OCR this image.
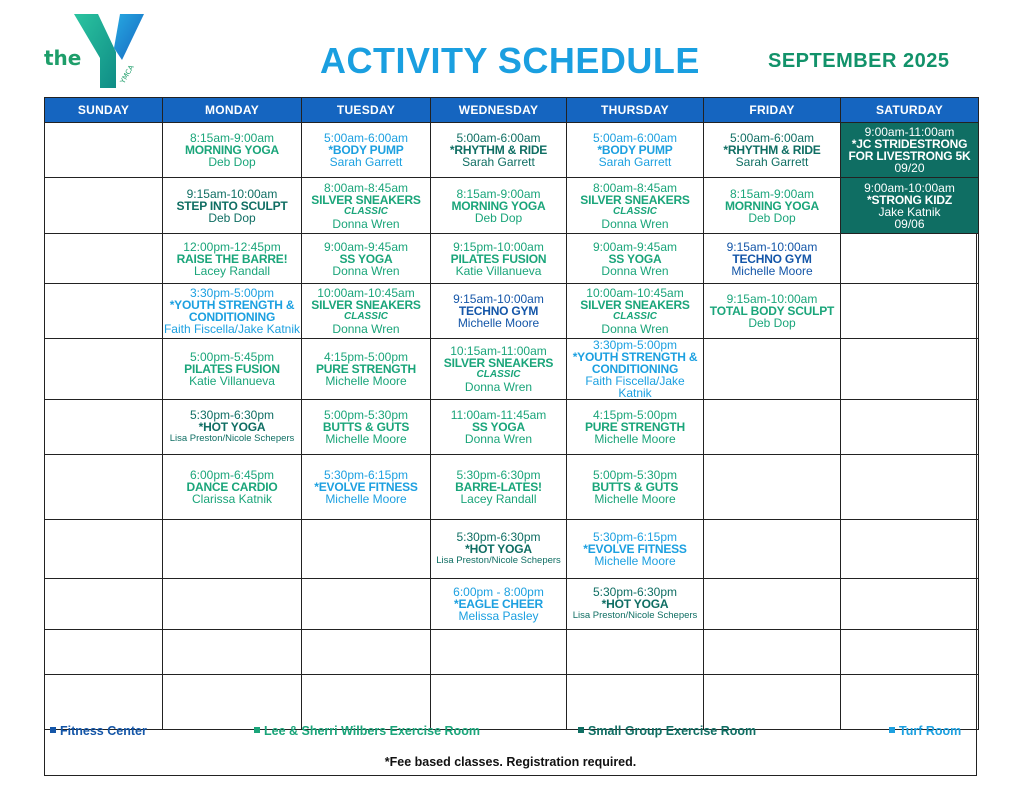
the
YMCA	ACTIVITY SCHEDULE	SEPTEMBER 2025
SUNDAY	MONDAY	TUESDAY	WEDNESDAY	THURSDAY	FRIDAY	SATURDAY

	8:15am-9:00am
MORNING YOGA
Deb Dop	5:00am-6:00am
*BODY PUMP
Sarah Garrett	5:00am-6:00am
*RHYTHM & RIDE
Sarah Garrett	5:00am-6:00am
*BODY PUMP
Sarah Garrett	5:00am-6:00am
*RHYTHM & RIDE
Sarah Garrett	9:00am-11:00am
*JC STRIDESTRONG FOR LIVESTRONG 5K
09/20

	9:15am-10:00am
STEP INTO SCULPT
Deb Dop	8:00am-8:45am
SILVER SNEAKERS
CLASSIC
Donna Wren	8:15am-9:00am
MORNING YOGA
Deb Dop	8:00am-8:45am
SILVER SNEAKERS
CLASSIC
Donna Wren	8:15am-9:00am
MORNING YOGA
Deb Dop	9:00am-10:00am
*STRONG KIDZ
Jake Katnik
09/06

	12:00pm-12:45pm
RAISE THE BARRE!
Lacey Randall	9:00am-9:45am
SS YOGA
Donna Wren	9:15pm-10:00am
PILATES FUSION
Katie Villanueva	9:00am-9:45am
SS YOGA
Donna Wren	9:15am-10:00am
TECHNO GYM
Michelle Moore	

	3:30pm-5:00pm
*YOUTH STRENGTH & CONDITIONING
Faith Fiscella/Jake Katnik	10:00am-10:45am
SILVER SNEAKERS
CLASSIC
Donna Wren	9:15am-10:00am
TECHNO GYM
Michelle Moore	10:00am-10:45am
SILVER SNEAKERS
CLASSIC
Donna Wren	9:15am-10:00am
TOTAL BODY SCULPT
Deb Dop	

	5:00pm-5:45pm
PILATES FUSION
Katie Villanueva	4:15pm-5:00pm
PURE STRENGTH
Michelle Moore	10:15am-11:00am
SILVER SNEAKERS
CLASSIC
Donna Wren	3:30pm-5:00pm
*YOUTH STRENGTH & CONDITIONING
Faith Fiscella/Jake Katnik		

	5:30pm-6:30pm
*HOT YOGA
Lisa Preston/Nicole Schepers	5:00pm-5:30pm
BUTTS & GUTS
Michelle Moore	11:00am-11:45am
SS YOGA
Donna Wren	4:15pm-5:00pm
PURE STRENGTH
Michelle Moore		

	6:00pm-6:45pm
DANCE CARDIO
Clarissa Katnik	5:30pm-6:15pm
*EVOLVE FITNESS
Michelle Moore	5:30pm-6:30pm
BARRE-LATES!
Lacey Randall	5:00pm-5:30pm
BUTTS & GUTS
Michelle Moore		

			5:30pm-6:30pm
*HOT YOGA
Lisa Preston/Nicole Schepers	5:30pm-6:15pm
*EVOLVE FITNESS
Michelle Moore		

			6:00pm - 8:00pm
*EAGLE CHEER
Melissa Pasley	5:30pm-6:30pm
*HOT YOGA
Lisa Preston/Nicole Schepers		

Fitness Center	Lee & Sherri Wilbers Exercise Room	Small Group Exercise Room	Turf Room
*Fee based classes. Registration required.
